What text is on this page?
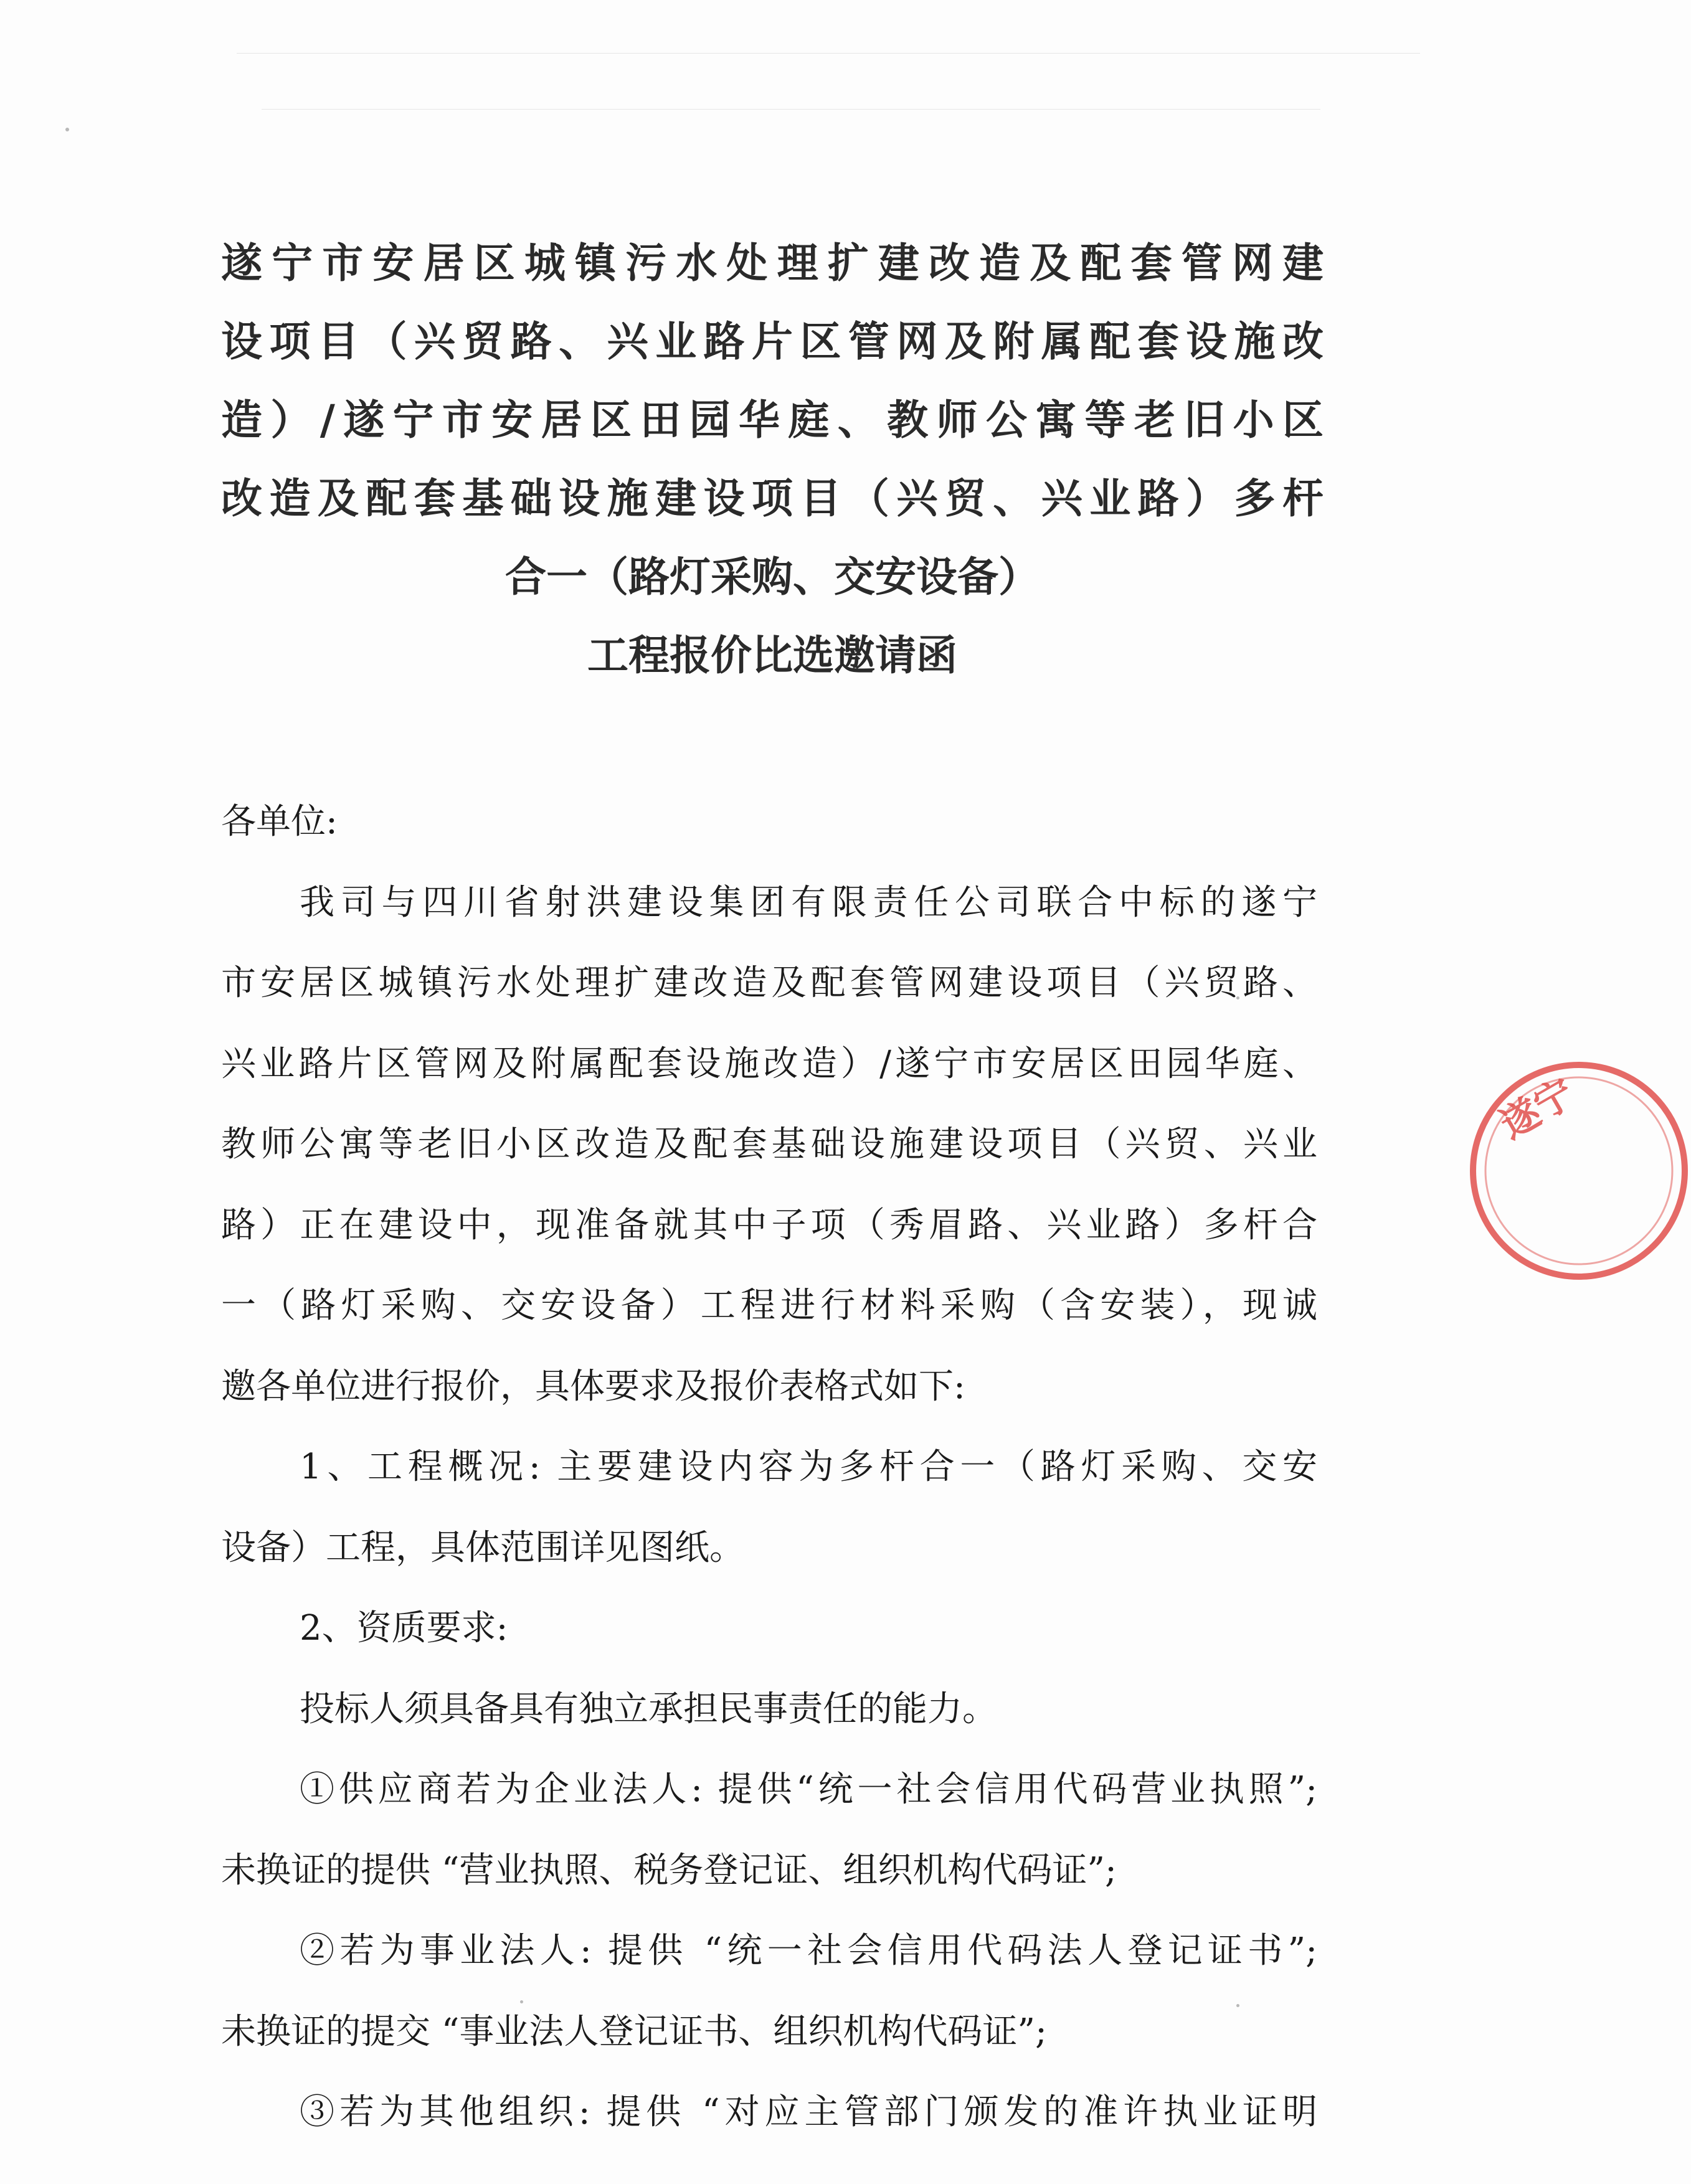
遂宁市安居区城镇污水处理扩建改造及配套管网建
设项目（兴贸路、兴业路片区管网及附属配套设施改
造）/遂宁市安居区田园华庭、教师公寓等老旧小区
改造及配套基础设施建设项目（兴贸、兴业路）多杆
合一（路灯采购、交安设备）
工程报价比选邀请函
各单位:
我司与四川省射洪建设集团有限责任公司联合中标的遂宁
市安居区城镇污水处理扩建改造及配套管网建设项目（兴贸路、
兴业路片区管网及附属配套设施改造）/遂宁市安居区田园华庭、
教师公寓等老旧小区改造及配套基础设施建设项目（兴贸、兴业
路）正在建设中，现准备就其中子项（秀眉路、兴业路）多杆合
一（路灯采购、交安设备）工程进行材料采购（含安装），现诚
邀各单位进行报价，具体要求及报价表格式如下:
1、工程概况: 主要建设内容为多杆合一（路灯采购、交安
设备）工程，具体范围详见图纸。
2、资质要求:
投标人须具备具有独立承担民事责任的能力。
①供应商若为企业法人: 提供“统一社会信用代码营业执照”;
未换证的提供 “营业执照、税务登记证、组织机构代码证”;
②若为事业法人: 提供 “统一社会信用代码法人登记证书”;
未换证的提交 “事业法人登记证书、组织机构代码证”;
③若为其他组织: 提供 “对应主管部门颁发的准许执业证明
遂宁
